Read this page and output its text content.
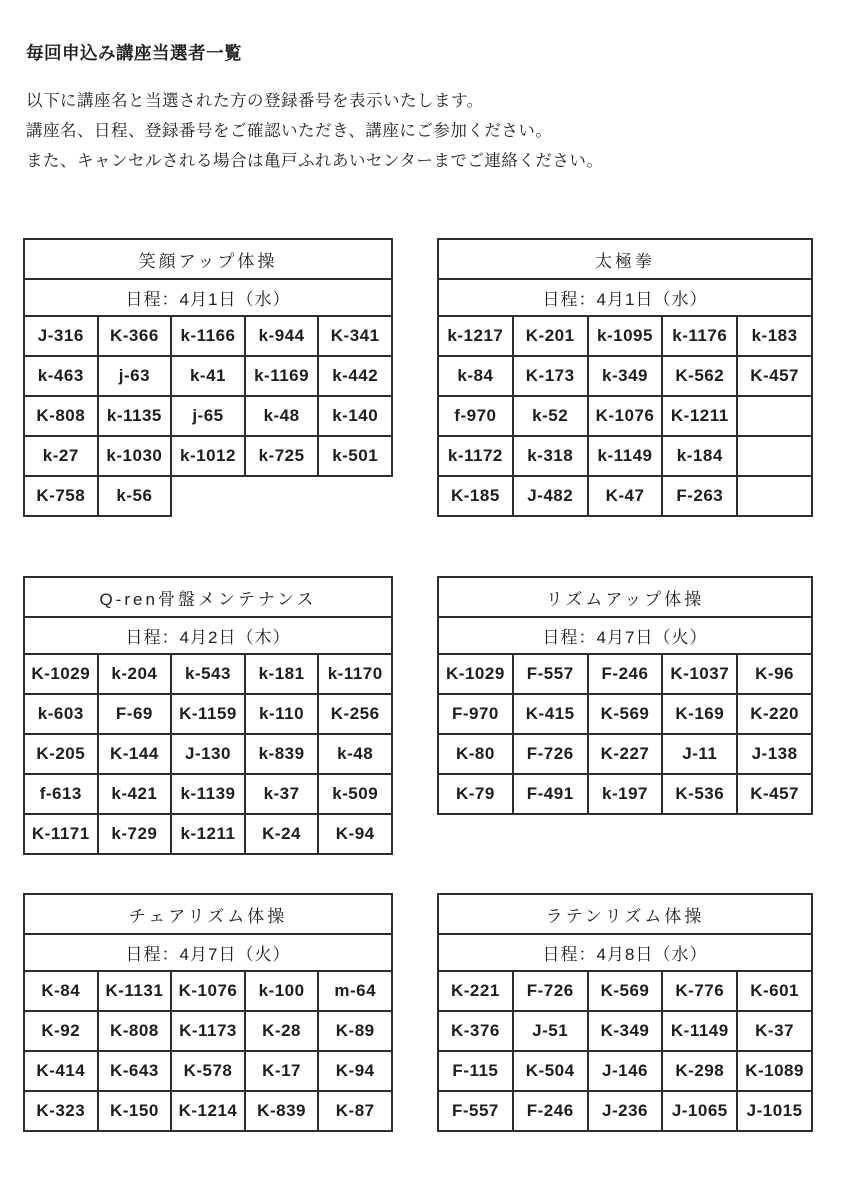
毎回申込み講座当選者一覧
以下に講座名と当選された方の登録番号を表示いたします。
講座名、日程、登録番号をご確認いただき、講座にご参加ください。
また、キャンセルされる場合は亀戸ふれあいセンターまでご連絡ください。
笑顔アップ体操				
日程：4月1日（水）				
J-316	K-366	k-1166	k-944	K-341
k-463	j-63	k-41	k-1169	k-442
K-808	k-1135	j-65	k-48	k-140
k-27	k-1030	k-1012	k-725	k-501
K-758	k-56			
太極拳				
日程：4月1日（水）				
k-1217	K-201	k-1095	k-1176	k-183
k-84	K-173	k-349	K-562	K-457
f-970	k-52	K-1076	K-1211	
k-1172	k-318	k-1149	k-184	
K-185	J-482	K-47	F-263	
Q-ren骨盤メンテナンス				
日程：4月2日（木）				
K-1029	k-204	k-543	k-181	k-1170
k-603	F-69	K-1159	k-110	K-256
K-205	K-144	J-130	k-839	k-48
f-613	k-421	k-1139	k-37	k-509
K-1171	k-729	k-1211	K-24	K-94
リズムアップ体操				
日程：4月7日（火）				
K-1029	F-557	F-246	K-1037	K-96
F-970	K-415	K-569	K-169	K-220
K-80	F-726	K-227	J-11	J-138
K-79	F-491	k-197	K-536	K-457
チェアリズム体操				
日程：4月7日（火）				
K-84	K-1131	K-1076	k-100	m-64
K-92	K-808	K-1173	K-28	K-89
K-414	K-643	K-578	K-17	K-94
K-323	K-150	K-1214	K-839	K-87
ラテンリズム体操				
日程：4月8日（水）				
K-221	F-726	K-569	K-776	K-601
K-376	J-51	K-349	K-1149	K-37
F-115	K-504	J-146	K-298	K-1089
F-557	F-246	J-236	J-1065	J-1015
